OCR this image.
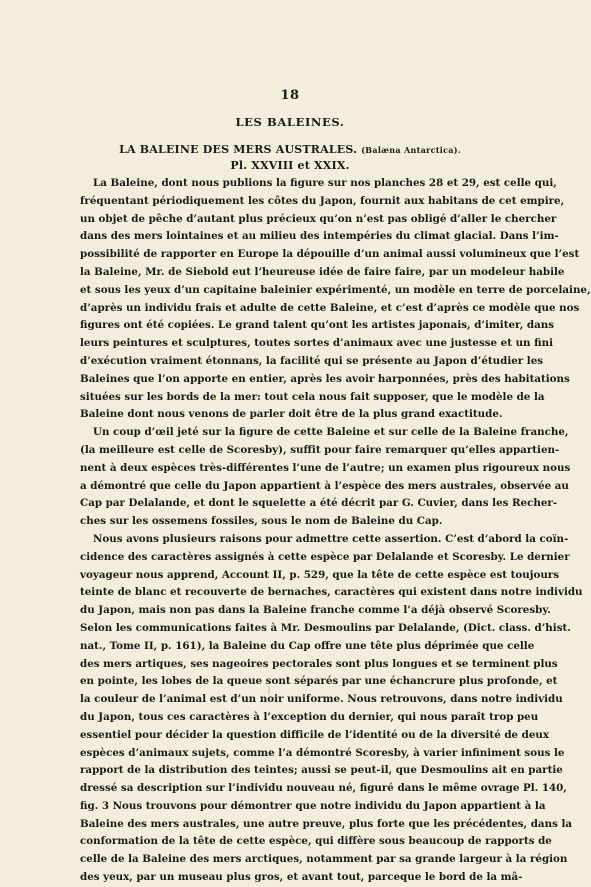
18
LES BALEINES.
LA BALEINE DES MERS AUSTRALES. (Balæna Antarctica).
Pl. XXVIII et XXIX.
La Baleine, dont nous publions la figure sur nos planches 28 et 29, est celle qui,
fréquentant périodiquement les côtes du Japon, fournit aux habitans de cet empire,
un objet de pêche d’autant plus précieux qu’on n’est pas obligé d’aller le chercher
dans des mers lointaines et au milieu des intempéries du climat glacial. Dans l’im-
possibilité de rapporter en Europe la dépouille d’un animal aussi volumineux que l’est
la Baleine, Mr. de Siebold eut l’heureuse idée de faire faire, par un modeleur habile
et sous les yeux d’un capitaine baleinier expérimenté, un modèle en terre de porcelaine,
d’après un individu frais et adulte de cette Baleine, et c’est d’après ce modèle que nos
figures ont été copiées. Le grand talent qu’ont les artistes japonais, d’imiter, dans
leurs peintures et sculptures, toutes sortes d’animaux avec une justesse et un fini
d’exécution vraiment étonnans, la facilité qui se présente au Japon d’étudier les
Baleines que l’on apporte en entier, après les avoir harponnées, près des habitations
situées sur les bords de la mer: tout cela nous fait supposer, que le modèle de la
Baleine dont nous venons de parler doit être de la plus grand exactitude.
Un coup d’œil jeté sur la figure de cette Baleine et sur celle de la Baleine franche,
(la meilleure est celle de Scoresby), suffit pour faire remarquer qu’elles appartien-
nent à deux espèces très-différentes l’une de l’autre; un examen plus rigoureux nous
a démontré que celle du Japon appartient à l’espèce des mers australes, observée au
Cap par Delalande, et dont le squelette a été décrit par G. Cuvier, dans les Recher-
ches sur les ossemens fossiles, sous le nom de Baleine du Cap.
Nous avons plusieurs raisons pour admettre cette assertion. C’est d’abord la coïn-
cidence des caractères assignés à cette espèce par Delalande et Scoresby. Le dernier
voyageur nous apprend, Account II, p. 529, que la tête de cette espèce est toujours
teinte de blanc et recouverte de bernaches, caractères qui existent dans notre individu
du Japon, mais non pas dans la Baleine franche comme l’a déjà observé Scoresby.
Selon les communications faites à Mr. Desmoulins par Delalande, (Dict. class. d’hist.
nat., Tome II, p. 161), la Baleine du Cap offre une tête plus déprimée que celle
des mers artiques, ses nageoires pectorales sont plus longues et se terminent plus
en pointe, les lobes de la queue sont séparés par une échancrure plus profonde, et
la couleur de l’animal est d’un noir uniforme. Nous retrouvons, dans notre individu
du Japon, tous ces caractères à l’exception du dernier, qui nous paraît trop peu
essentiel pour décider la question difficile de l’identité ou de la diversité de deux
espèces d’animaux sujets, comme l’a démontré Scoresby, à varier infiniment sous le
rapport de la distribution des teintes; aussi se peut-il, que Desmoulins ait en partie
dressé sa description sur l’individu nouveau né, figuré dans le même ovrage Pl. 140,
fig. 3 Nous trouvons pour démontrer que notre individu du Japon appartient à la
Baleine des mers australes, une autre preuve, plus forte que les précédentes, dans la
conformation de la tête de cette espèce, qui diffère sous beaucoup de rapports de
celle de la Baleine des mers arctiques, notamment par sa grande largeur à la région
des yeux, par un museau plus gros, et avant tout, parceque le bord de la mâ-
)
